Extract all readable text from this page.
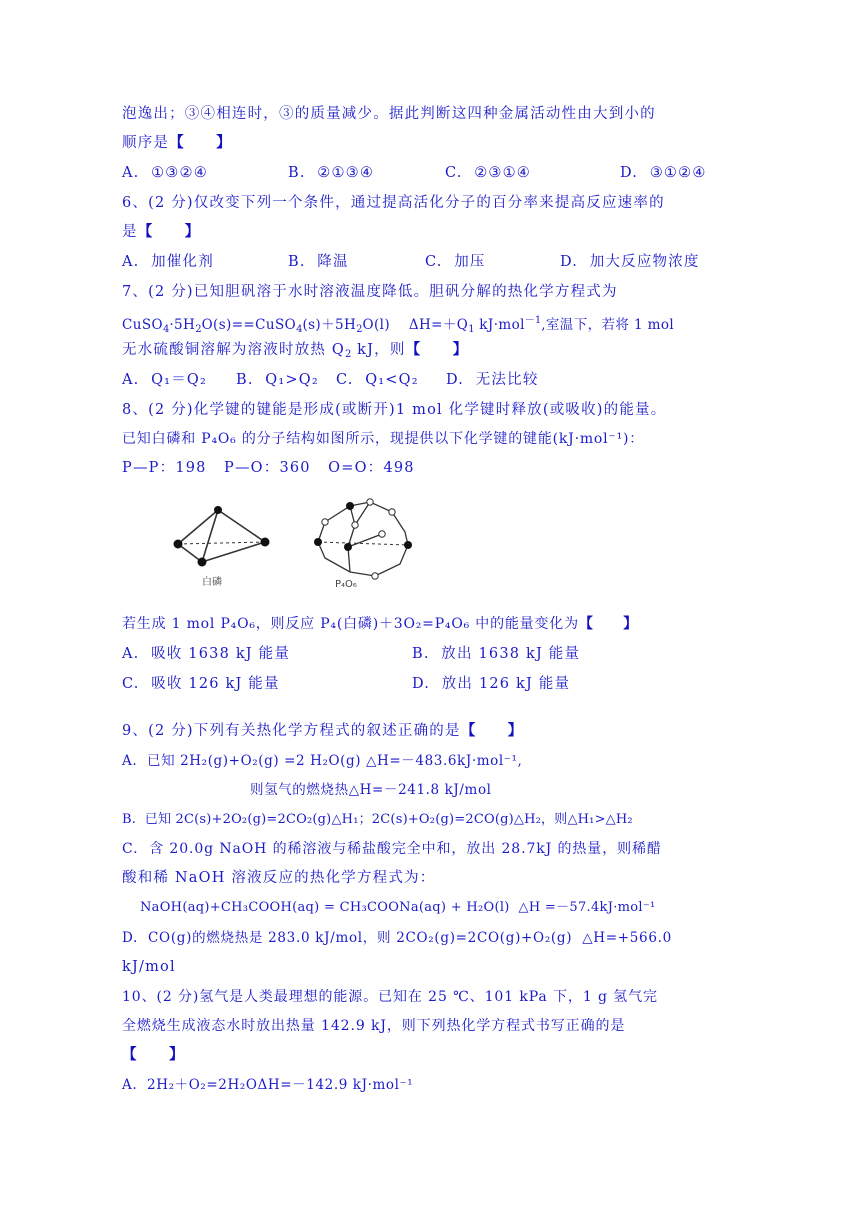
泡逸出；③④相连时，③的质量减少。据此判断这四种金属活动性由大到小的
顺序是【　　】
A.  ①③②④	B.  ②①③④	C.  ②③①④	D.  ③①②④
6、(2 分)仅改变下列一个条件，通过提高活化分子的百分率来提高反应速率的
是【　　】
A.  加催化剂	B.  降温	C.  加压	D.  加大反应物浓度
7、(2 分)已知胆矾溶于水时溶液温度降低。胆矾分解的热化学方程式为
$CuSO_4\cdot 5H_2O(s)==CuSO_4(s)+5H_2O(l)$    $\Delta H=+Q_1$ kJ·mol$^{-1}$,室温下，若将 1 mol
无水硫酸铜溶解为溶液时放热 $Q_2$ kJ，则【　　】
A.  Q₁＝Q₂ B.  Q₁>Q₂ C.  Q₁<Q₂ D.  无法比较
8、(2 分)化学键的键能是形成(或断开)1 mol 化学键时释放(或吸收)的能量。
已知白磷和 P₄O₆ 的分子结构如图所示，现提供以下化学键的键能(kJ·mol⁻¹)：
P—P：198   P—O：360   O=O：498
白磷	P₄O₆
若生成 1 mol P₄O₆，则反应 P₄(白磷)＋3O₂=P₄O₆ 中的能量变化为【　　】
A.  吸收 1638 kJ 能量	B.  放出 1638 kJ 能量
C.  吸收 126 kJ 能量	D.  放出 126 kJ 能量
9、(2 分)下列有关热化学方程式的叙述正确的是【　　】
A.  已知 2H₂(g)+O₂(g) =2 H₂O(g) △H=－483.6kJ·mol⁻¹,
则氢气的燃烧热△H=－241.8 kJ/mol
B.  已知 2C(s)+2O₂(g)=2CO₂(g)△H₁；2C(s)+O₂(g)=2CO(g)△H₂，则△H₁>△H₂
C.  含 20.0g NaOH 的稀溶液与稀盐酸完全中和，放出 28.7kJ 的热量，则稀醋
酸和稀 NaOH 溶液反应的热化学方程式为：
NaOH(aq)+CH₃COOH(aq) = CH₃COONa(aq) + H₂O(l)  △H =－57.4kJ·mol⁻¹
D.  CO(g)的燃烧热是 283.0 kJ/mol，则 2CO₂(g)=2CO(g)+O₂(g)  △H=+566.0
kJ/mol
10、(2 分)氢气是人类最理想的能源。已知在 25 ℃、101 kPa 下，1 g 氢气完
全燃烧生成液态水时放出热量 142.9 kJ，则下列热化学方程式书写正确的是
【　　】
A.  2H₂＋O₂=2H₂OΔH=－142.9 kJ·mol⁻¹
